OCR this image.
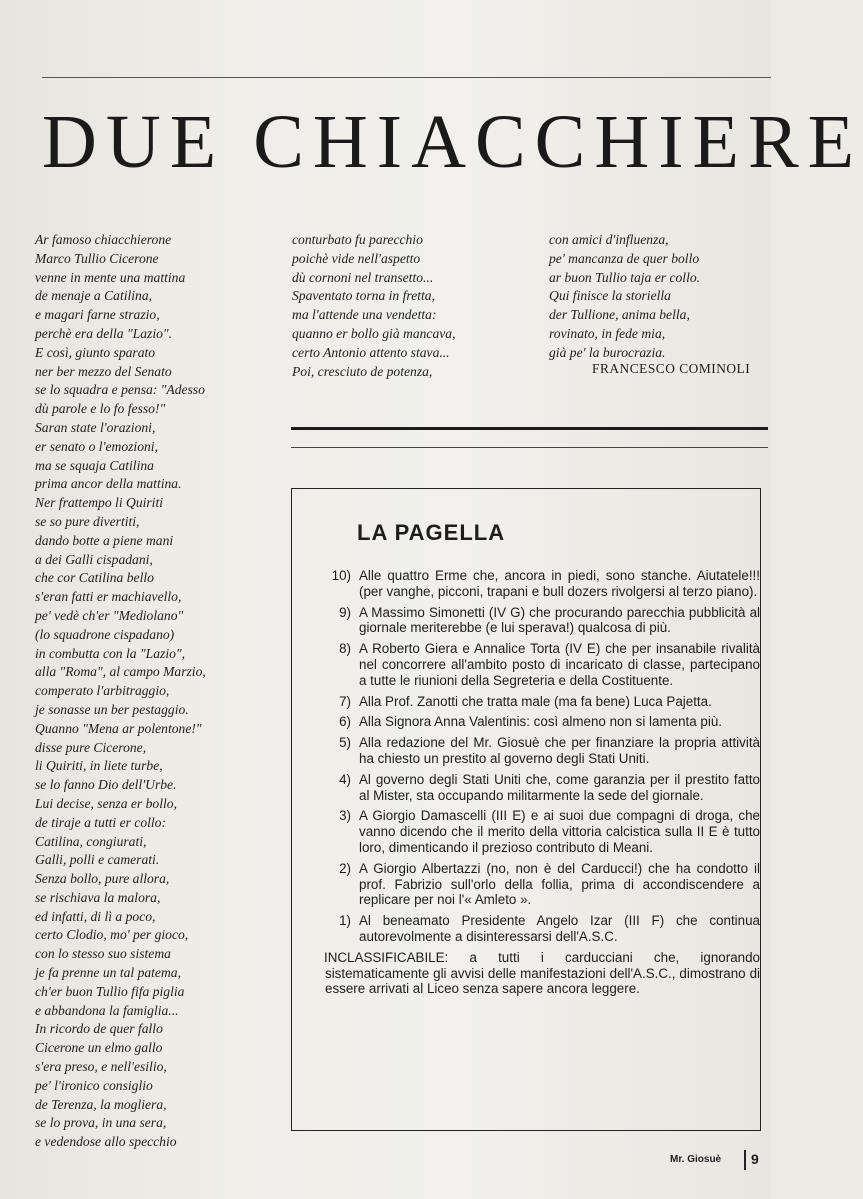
DUE CHIACCHIERE
Ar famoso chiacchierone
Marco Tullio Cicerone
venne in mente una mattina
de menaje a Catilina,
e magari farne strazio,
perchè era della "Lazio".
E così, giunto sparato
ner ber mezzo del Senato
se lo squadra e pensa: "Adesso
dù parole e lo fo fesso!"
Saran state l'orazioni,
er senato o l'emozioni,
ma se squaja Catilina
prima ancor della mattina.
Ner frattempo li Quiriti
se so pure divertiti,
dando botte a piene mani
a dei Galli cispadani,
che cor Catilina bello
s'eran fatti er machiavello,
pe' vedè ch'er "Mediolano"
(lo squadrone cispadano)
in combutta con la "Lazio",
alla "Roma", al campo Marzio,
comperato l'arbitraggio,
je sonasse un ber pestaggio.
Quanno "Mena ar polentone!"
disse pure Cicerone,
li Quiriti, in liete turbe,
se lo fanno Dio dell'Urbe.
Lui decise, senza er bollo,
de tiraje a tutti er collo:
Catilina, congiurati,
Galli, polli e camerati.
Senza bollo, pure allora,
se rischiava la malora,
ed infatti, di lì a poco,
certo Clodio, mo' per gioco,
con lo stesso suo sistema
je fa prenne un tal patema,
ch'er buon Tullio fifa piglia
e abbandona la famiglia...
In ricordo de quer fallo
Cicerone un elmo gallo
s'era preso, e nell'esilio,
pe' l'ironico consiglio
de Terenza, la mogliera,
se lo prova, in una sera,
e vedendose allo specchio
conturbato fu parecchio
poichè vide nell'aspetto
dù cornoni nel transetto...
Spaventato torna in fretta,
ma l'attende una vendetta:
quanno er bollo già mancava,
certo Antonio attento stava...
Poi, cresciuto de potenza,
con amici d'influenza,
pe' mancanza de quer bollo
ar buon Tullio taja er collo.
Qui finisce la storiella
der Tullione, anima bella,
rovinato, in fede mia,
già pe' la burocrazia.
FRANCESCO COMINOLI
LA PAGELLA
10) Alle quattro Erme che, ancora in piedi, sono stanche. Aiutatele!!! (per vanghe, picconi, trapani e bull dozers rivolgersi al terzo piano).
9) A Massimo Simonetti (IV G) che procurando parecchia pubblicità al giornale meriterebbe (e lui sperava!) qualcosa di più.
8) A Roberto Giera e Annalice Torta (IV E) che per insanabile rivalità nel concorrere all'ambito posto di incaricato di classe, partecipano a tutte le riunioni della Segreteria e della Costituente.
7) Alla Prof. Zanotti che tratta male (ma fa bene) Luca Pajetta.
6) Alla Signora Anna Valentinis: così almeno non si lamenta più.
5) Alla redazione del Mr. Giosuè che per finanziare la propria attività ha chiesto un prestito al governo degli Stati Uniti.
4) Al governo degli Stati Uniti che, come garanzia per il prestito fatto al Mister, sta occupando militarmente la sede del giornale.
3) A Giorgio Damascelli (III E) e ai suoi due compagni di droga, che vanno dicendo che il merito della vittoria calcistica sulla II E è tutto loro, dimenticando il prezioso contributo di Meani.
2) A Giorgio Albertazzi (no, non è del Carducci!) che ha condotto il prof. Fabrizio sull'orlo della follia, prima di accondiscendere a replicare per noi l'« Amleto ».
1) Al beneamato Presidente Angelo Izar (III F) che continua autorevolmente a disinteressarsi dell'A.S.C.
INCLASSIFICABILE: a tutti i carducciani che, ignorando sistematicamente gli avvisi delle manifestazioni dell'A.S.C., dimostrano di essere arrivati al Liceo senza sapere ancora leggere.
Mr. Giosuè 9
